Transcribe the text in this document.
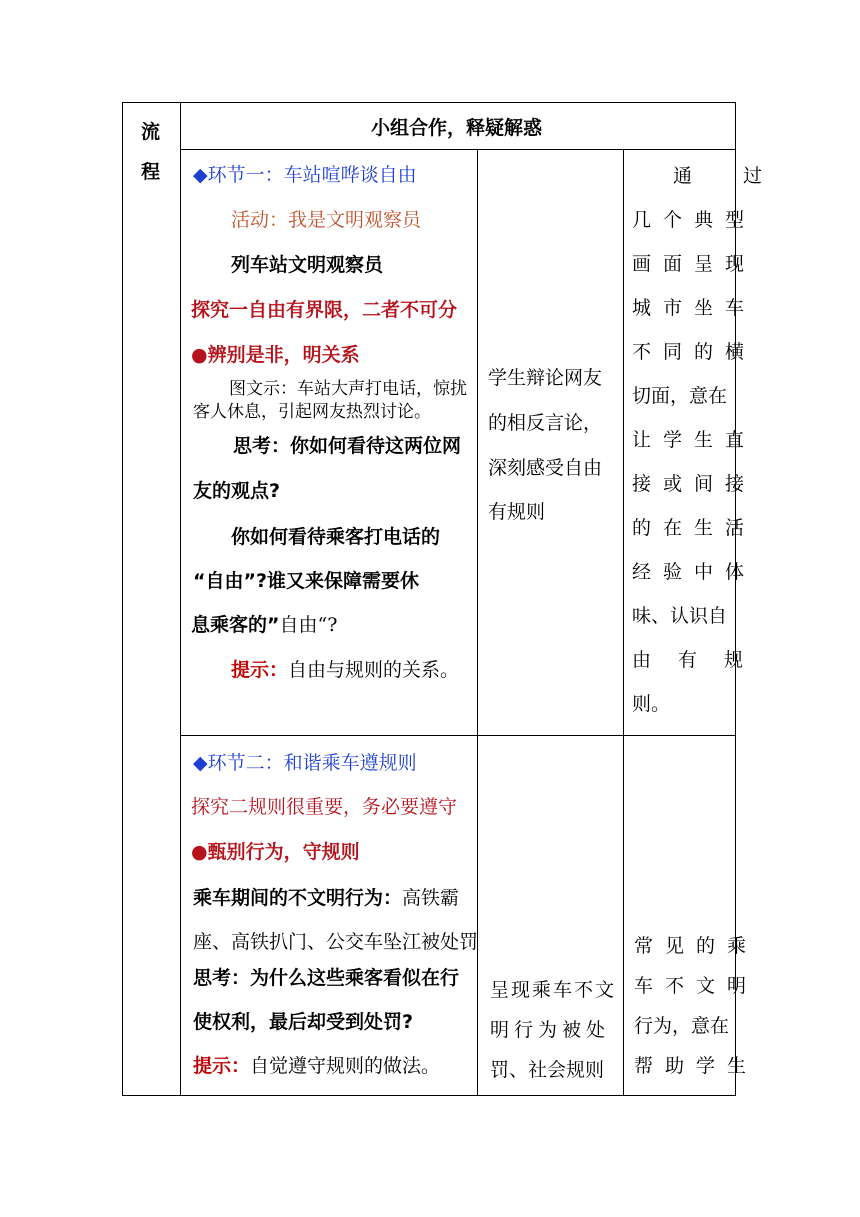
流
程
小组合作，释疑解惑
◆环节一：车站喧哗谈自由
活动：我是文明观察员
列车站文明观察员
探究一自由有界限，二者不可分
●辨别是非，明关系
图文示：车站大声打电话，惊扰
客人休息，引起网友热烈讨论。
思考：你如何看待这两位网
友的观点?
你如何看待乘客打电话的
“自由”?谁又来保障需要休
息乘客的”自由“?
提示：自由与规则的关系。
学生辩论网友
的相反言论，
深刻感受自由
有规则
通　过
几个典型
画面呈现
城市坐车
不同的横
切面，意在
让学生直
接或间接
的在生活
经验中体
味、认识自
由　有　规
则。
◆环节二：和谐乘车遵规则
探究二规则很重要，务必要遵守
●甄别行为，守规则
乘车期间的不文明行为：高铁霸
座、高铁扒门、公交车坠江被处罚
思考：为什么这些乘客看似在行
使权利，最后却受到处罚?
提示：自觉遵守规则的做法。
呈现乘车不文
明行为被处
罚、社会规则
常见的乘
车不文明
行为，意在
帮助学生
